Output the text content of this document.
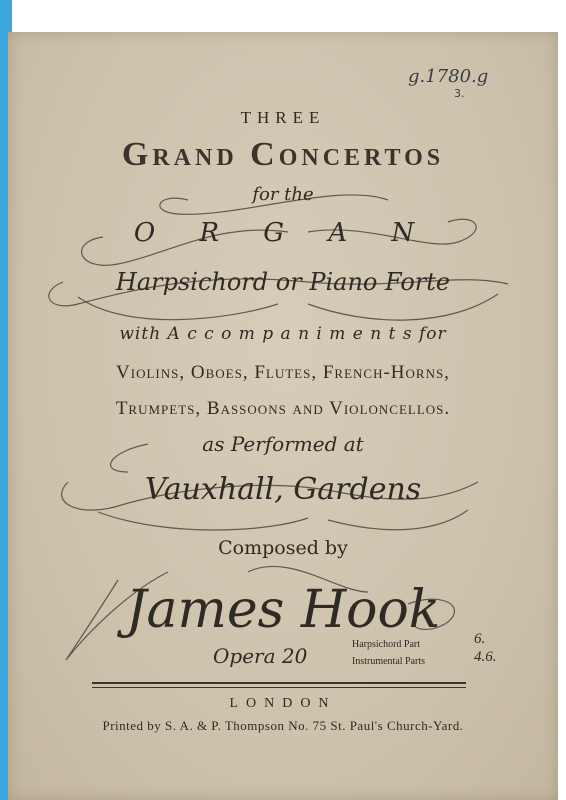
g.1780.g
3.
THREE
Grand Concertos
for the
O R G A N
Harpsichord or Piano Forte
with A c c o m p a n i m e n t s for
Violins, Oboes, Flutes, French-Horns,
Trumpets, Bassoons and Violoncellos.
as Performed at
Vauxhall, Gardens
Composed by
James Hook
Opera 20	Harpsichord Part
Instrumental Parts
6.
4.6.
LONDON
Printed by S. A. & P. Thompson No. 75 St. Paul's Church-Yard.
